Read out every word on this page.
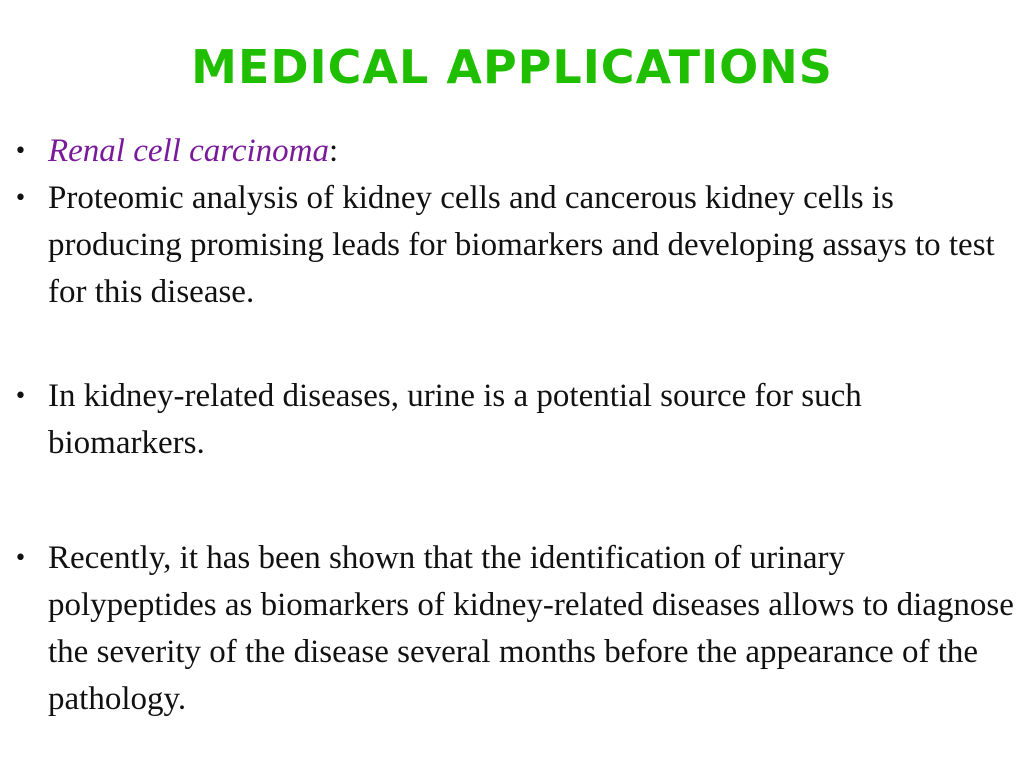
MEDICAL APPLICATIONS
• Renal cell carcinoma:
• Proteomic analysis of kidney cells and cancerous kidney cells is producing promising leads for biomarkers and developing assays to test for this disease.
• In kidney-related diseases, urine is a potential source for such biomarkers.
• Recently, it has been shown that the identification of urinary polypeptides as biomarkers of kidney-related diseases allows to diagnose the severity of the disease several months before the appearance of the pathology.
